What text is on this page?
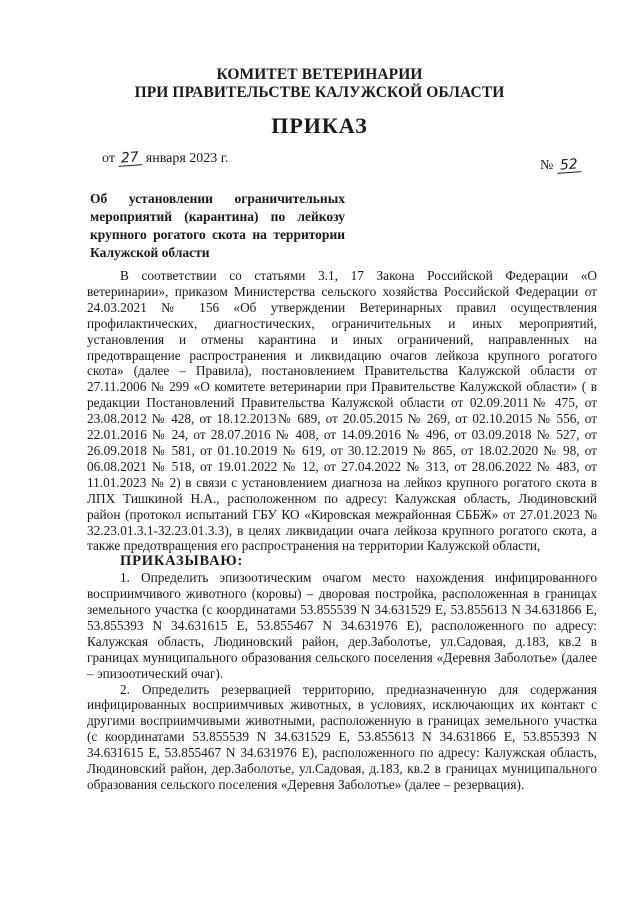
КОМИТЕТ ВЕТЕРИНАРИИ
ПРИ ПРАВИТЕЛЬСТВЕ КАЛУЖСКОЙ ОБЛАСТИ
ПРИКАЗ
от 27 января 2023 г.	№ 52
Об установлении ограничительных мероприятий (карантина) по лейкозу крупного рогатого скота на территории Калужской области

В соответствии со статьями 3.1, 17 Закона Российской Федерации «О ветеринарии», приказом Министерства сельского хозяйства Российской Федерации от 24.03.2021 № 156 «Об утверждении Ветеринарных правил осуществления профилактических, диагностических, ограничительных и иных мероприятий, установления и отмены карантина и иных ограничений, направленных на предотвращение распространения и ликвидацию очагов лейкоза крупного рогатого скота» (далее – Правила), постановлением Правительства Калужской области от 27.11.2006 № 299 «О комитете ветеринарии при Правительстве Калужской области» ( в редакции Постановлений Правительства Калужской области от 02.09.2011№ 475, от 23.08.2012 № 428, от 18.12.2013№ 689, от 20.05.2015 № 269, от 02.10.2015 № 556, от 22.01.2016 № 24, от 28.07.2016 № 408, от 14.09.2016 № 496, от 03.09.2018 № 527, от 26.09.2018 № 581, от 01.10.2019 № 619, от 30.12.2019 № 865, от 18.02.2020 № 98, от 06.08.2021 № 518, от 19.01.2022 № 12, от 27.04.2022 № 313, от 28.06.2022 № 483, от 11.01.2023 № 2) в связи с установлением диагноза на лейкоз крупного рогатого скота в ЛПХ Тишкиной Н.А., расположенном по адресу: Калужская область, Людиновский район (протокол испытаний ГБУ КО «Кировская межрайонная СББЖ» от 27.01.2023 № 32.23.01.3.1-32.23.01.3.3), в целях ликвидации очага лейкоза крупного рогатого скота, а также предотвращения его распространения на территории Калужской области,

ПРИКАЗЫВАЮ:

1. Определить эпизоотическим очагом место нахождения инфицированного восприимчивого животного (коровы) – дворовая постройка, расположенная в границах земельного участка (с координатами 53.855539 N 34.631529 E, 53.855613 N 34.631866 E, 53.855393 N 34.631615 E, 53.855467 N 34.631976 E), расположенного по адресу: Калужская область, Людиновский район, дер.Заболотье, ул.Садовая, д.183, кв.2 в границах муниципального образования сельского поселения «Деревня Заболотье» (далее – эпизоотический очаг).

2. Определить резервацией территорию, предназначенную для содержания инфицированных восприимчивых животных, в условиях, исключающих их контакт с другими восприимчивыми животными, расположенную в границах земельного участка (с координатами 53.855539 N 34.631529 E, 53.855613 N 34.631866 E, 53.855393 N 34.631615 E, 53.855467 N 34.631976 E), расположенного по адресу: Калужская область, Людиновский район, дер.Заболотье, ул.Садовая, д.183, кв.2 в границах муниципального образования сельского поселения «Деревня Заболотье» (далее – резервация).
